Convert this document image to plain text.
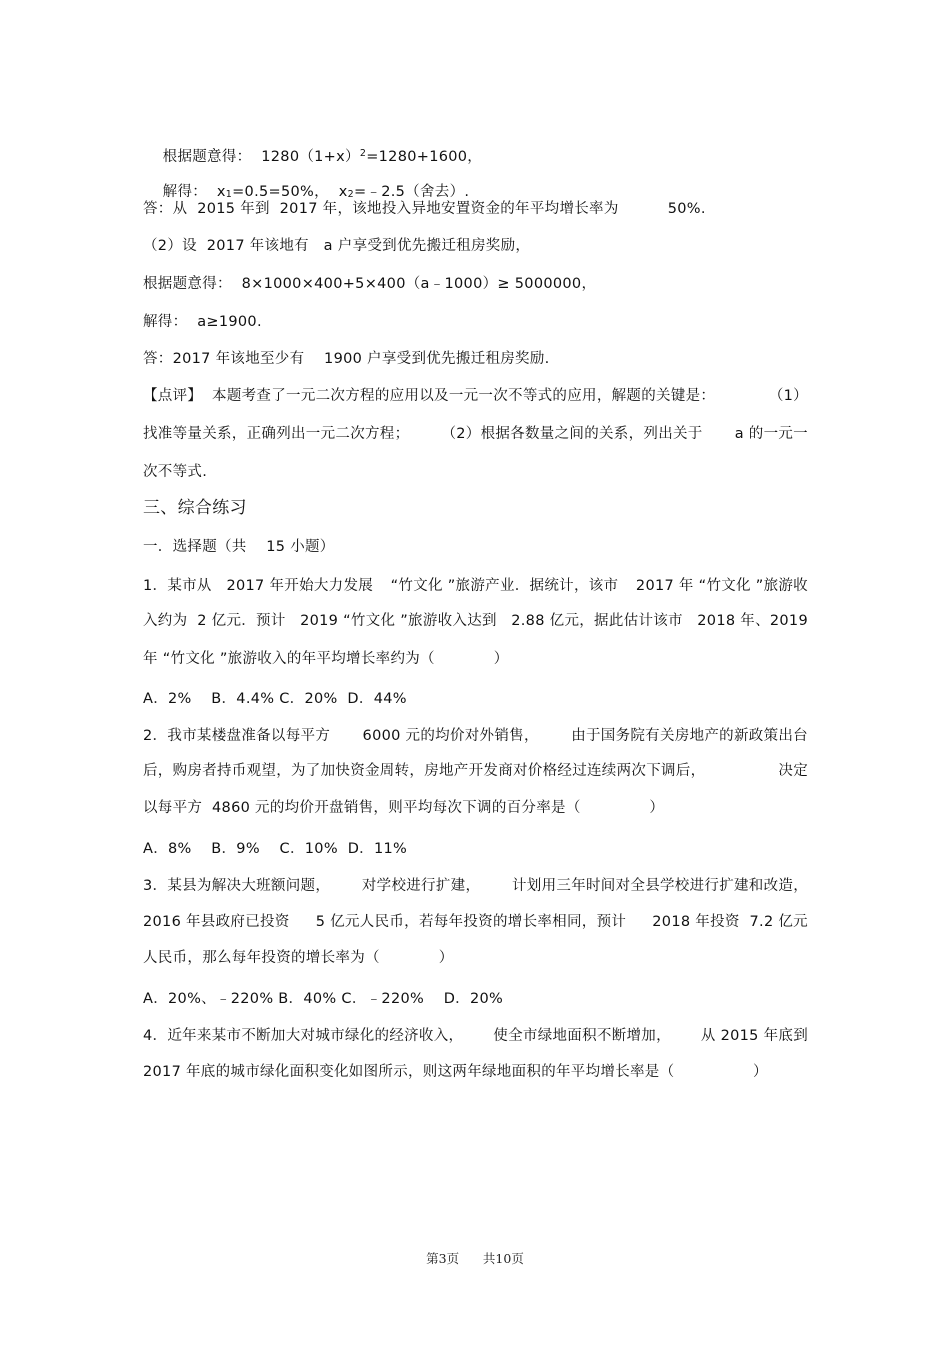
根据题意得：  $1280(1+x)^2=1280+1600$，

解得：  $x_1=0.5=50\%$，  $x_2=﹣2.5$（舍去）.

答：从  2015 年到  2017 年，该地投入异地安置资金的年平均增长率为          50%.
（2）设  2017 年该地有   a 户享受到优先搬迁租房奖励，
根据题意得：  8×1000×400+5×400（a﹣1000）≥ 5000000，
解得：  a≥1900.
答：2017 年该地至少有    1900 户享受到优先搬迁租房奖励.
【点评】  本题考查了一元二次方程的应用以及一元一次不等式的应用，解题的关键是：	（1）
找准等量关系，正确列出一元二次方程； （2）根据各数量之间的关系，列出关于 a 的一元一
次不等式.
三、综合练习
一．选择题（共    15 小题）
1．某市从   2017 年开始大力发展 “竹文化 ”旅游产业．据统计，该市 2017 年 “竹文化 ”旅游收
入约为  2 亿元．预计 2019 “竹文化 ”旅游收入达到 2.88 亿元，据此估计该市 2018 年、2019
年 “竹文化 ”旅游收入的年平均增长率约为（            ）
A．2%    B．4.4% C．20%  D．44%
2．我市某楼盘准备以每平方 6000 元的均价对外销售， 由于国务院有关房地产的新政策出台
后，购房者持币观望，为了加快资金周转，房地产开发商对价格经过连续两次下调后，	决定
以每平方  4860 元的均价开盘销售，则平均每次下调的百分率是（              ）
A．8%    B．9%    C．10%  D．11%
3．某县为解决大班额问题， 对学校进行扩建， 计划用三年时间对全县学校进行扩建和改造，
2016 年县政府已投资 5 亿元人民币，若每年投资的增长率相同，预计 2018 年投资  7.2 亿元
人民币，那么每年投资的增长率为（            ）
A．20%、﹣220% B．40% C．﹣220%    D．20%
4．近年来某市不断加大对城市绿化的经济收入， 使全市绿地面积不断增加， 从 2015 年底到
2017 年底的城市绿化面积变化如图所示，则这两年绿地面积的年平均增长率是（                ）
第3页      共10页
